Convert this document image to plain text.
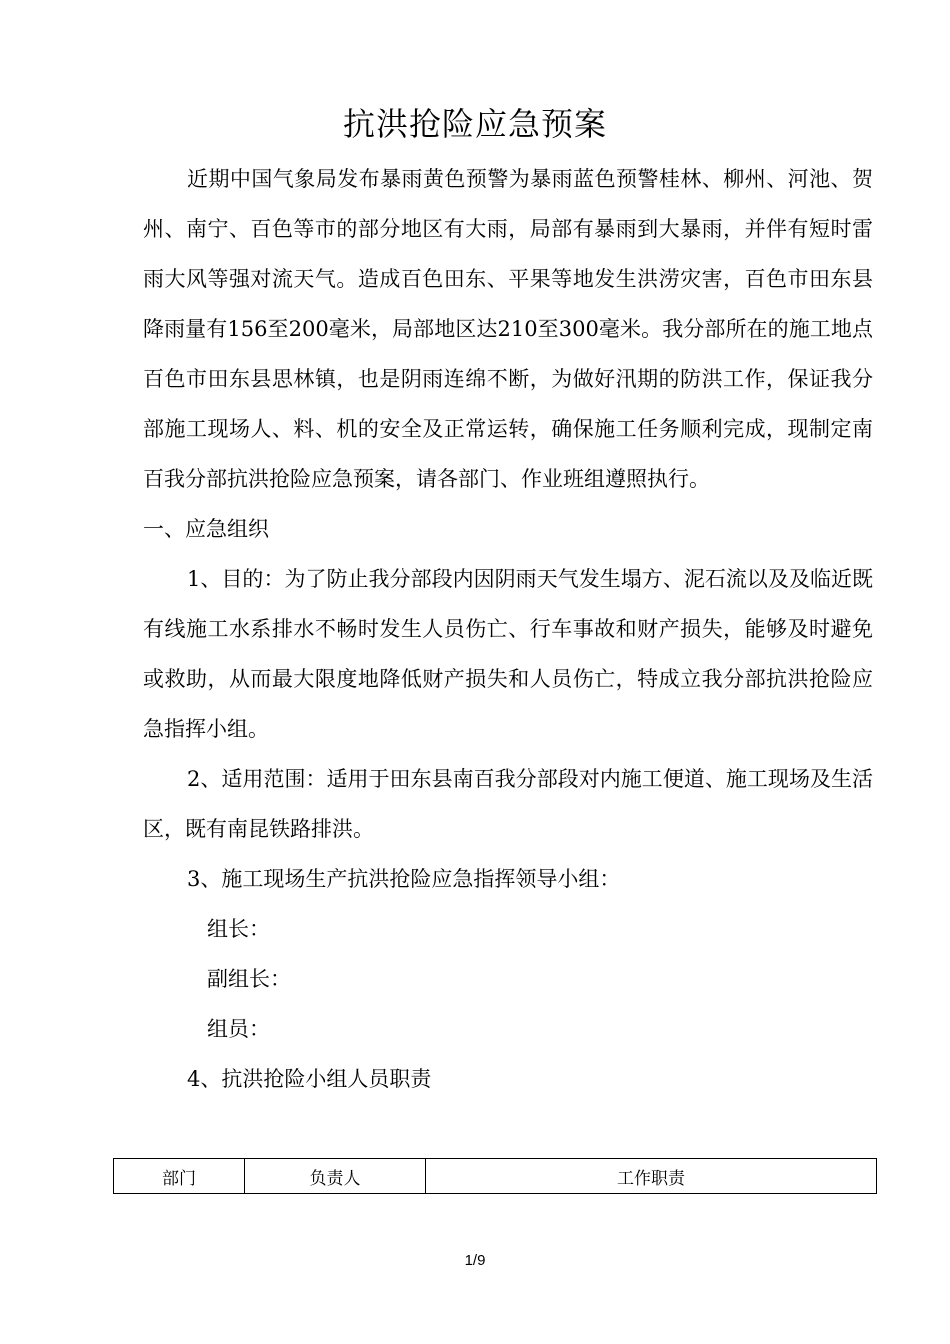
抗洪抢险应急预案

近期中国气象局发布暴雨黄色预警为暴雨蓝色预警桂林、柳州、河池、贺州、南宁、百色等市的部分地区有大雨，局部有暴雨到大暴雨，并伴有短时雷雨大风等强对流天气。造成百色田东、平果等地发生洪涝灾害，百色市田东县降雨量有156至200毫米，局部地区达210至300毫米。我分部所在的施工地点百色市田东县思林镇，也是阴雨连绵不断，为做好汛期的防洪工作，保证我分部施工现场人、料、机的安全及正常运转，确保施工任务顺利完成，现制定南百我分部抗洪抢险应急预案，请各部门、作业班组遵照执行。

一、应急组织

1、目的：为了防止我分部段内因阴雨天气发生塌方、泥石流以及及临近既有线施工水系排水不畅时发生人员伤亡、行车事故和财产损失，能够及时避免或救助，从而最大限度地降低财产损失和人员伤亡，特成立我分部抗洪抢险应急指挥小组。

2、适用范围：适用于田东县南百我分部段对内施工便道、施工现场及生活区，既有南昆铁路排洪。

3、施工现场生产抗洪抢险应急指挥领导小组：

组长：

副组长：

组员：

4、抗洪抢险小组人员职责

部门	负责人	工作职责
1/9
